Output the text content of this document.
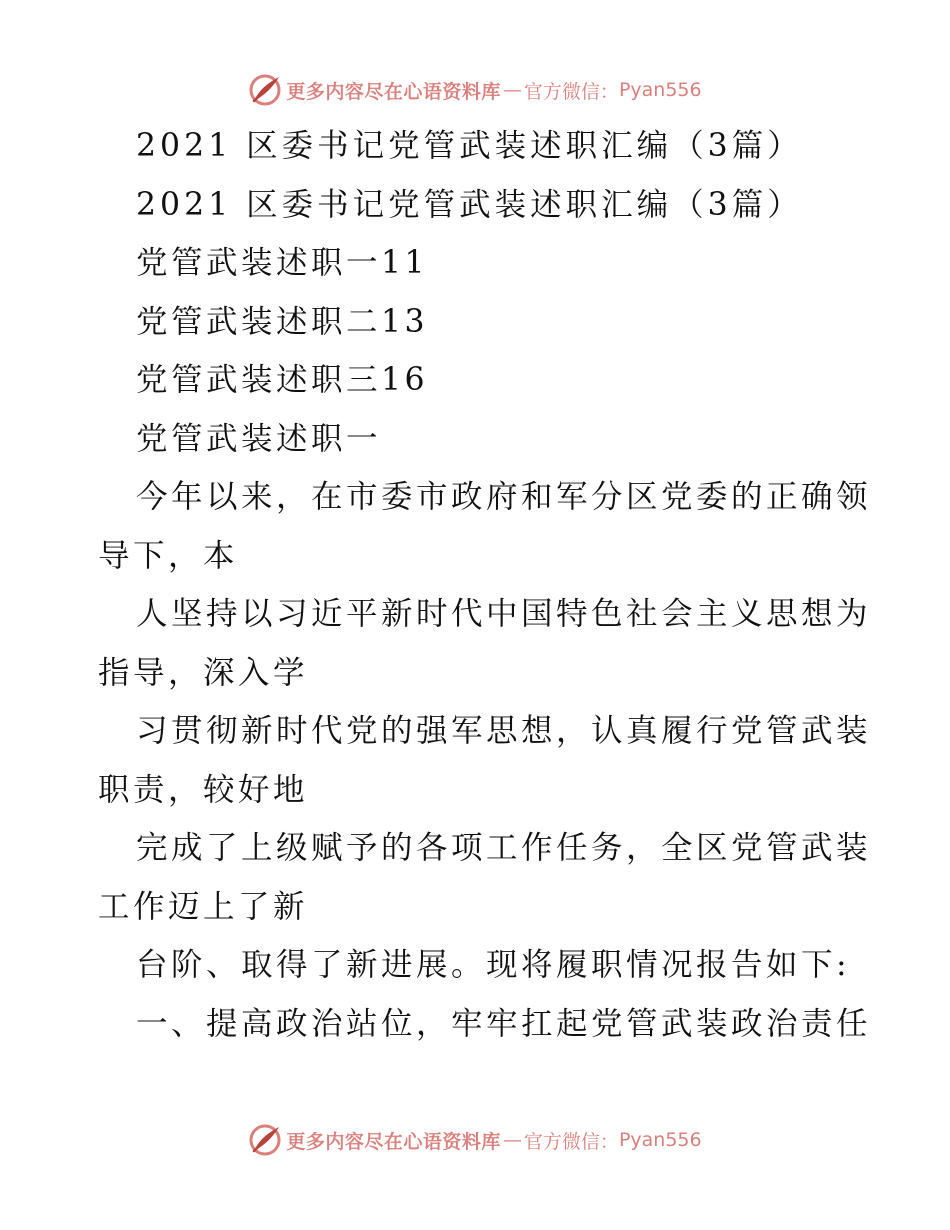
更多内容尽在心语资料库 — 官方微信： Pyan556
2021 区委书记党管武装述职汇编（3篇）
2021 区委书记党管武装述职汇编（3篇）
党管武装述职一11
党管武装述职二13
党管武装述职三16
党管武装述职一
今年以来，在市委市政府和军分区党委的正确领
导下，本
人坚持以习近平新时代中国特色社会主义思想为
指导，深入学
习贯彻新时代党的强军思想，认真履行党管武装
职责，较好地
完成了上级赋予的各项工作任务，全区党管武装
工作迈上了新
台阶、取得了新进展。现将履职情况报告如下:
一、提高政治站位，牢牢扛起党管武装政治责任
更多内容尽在心语资料库 — 官方微信： Pyan556
